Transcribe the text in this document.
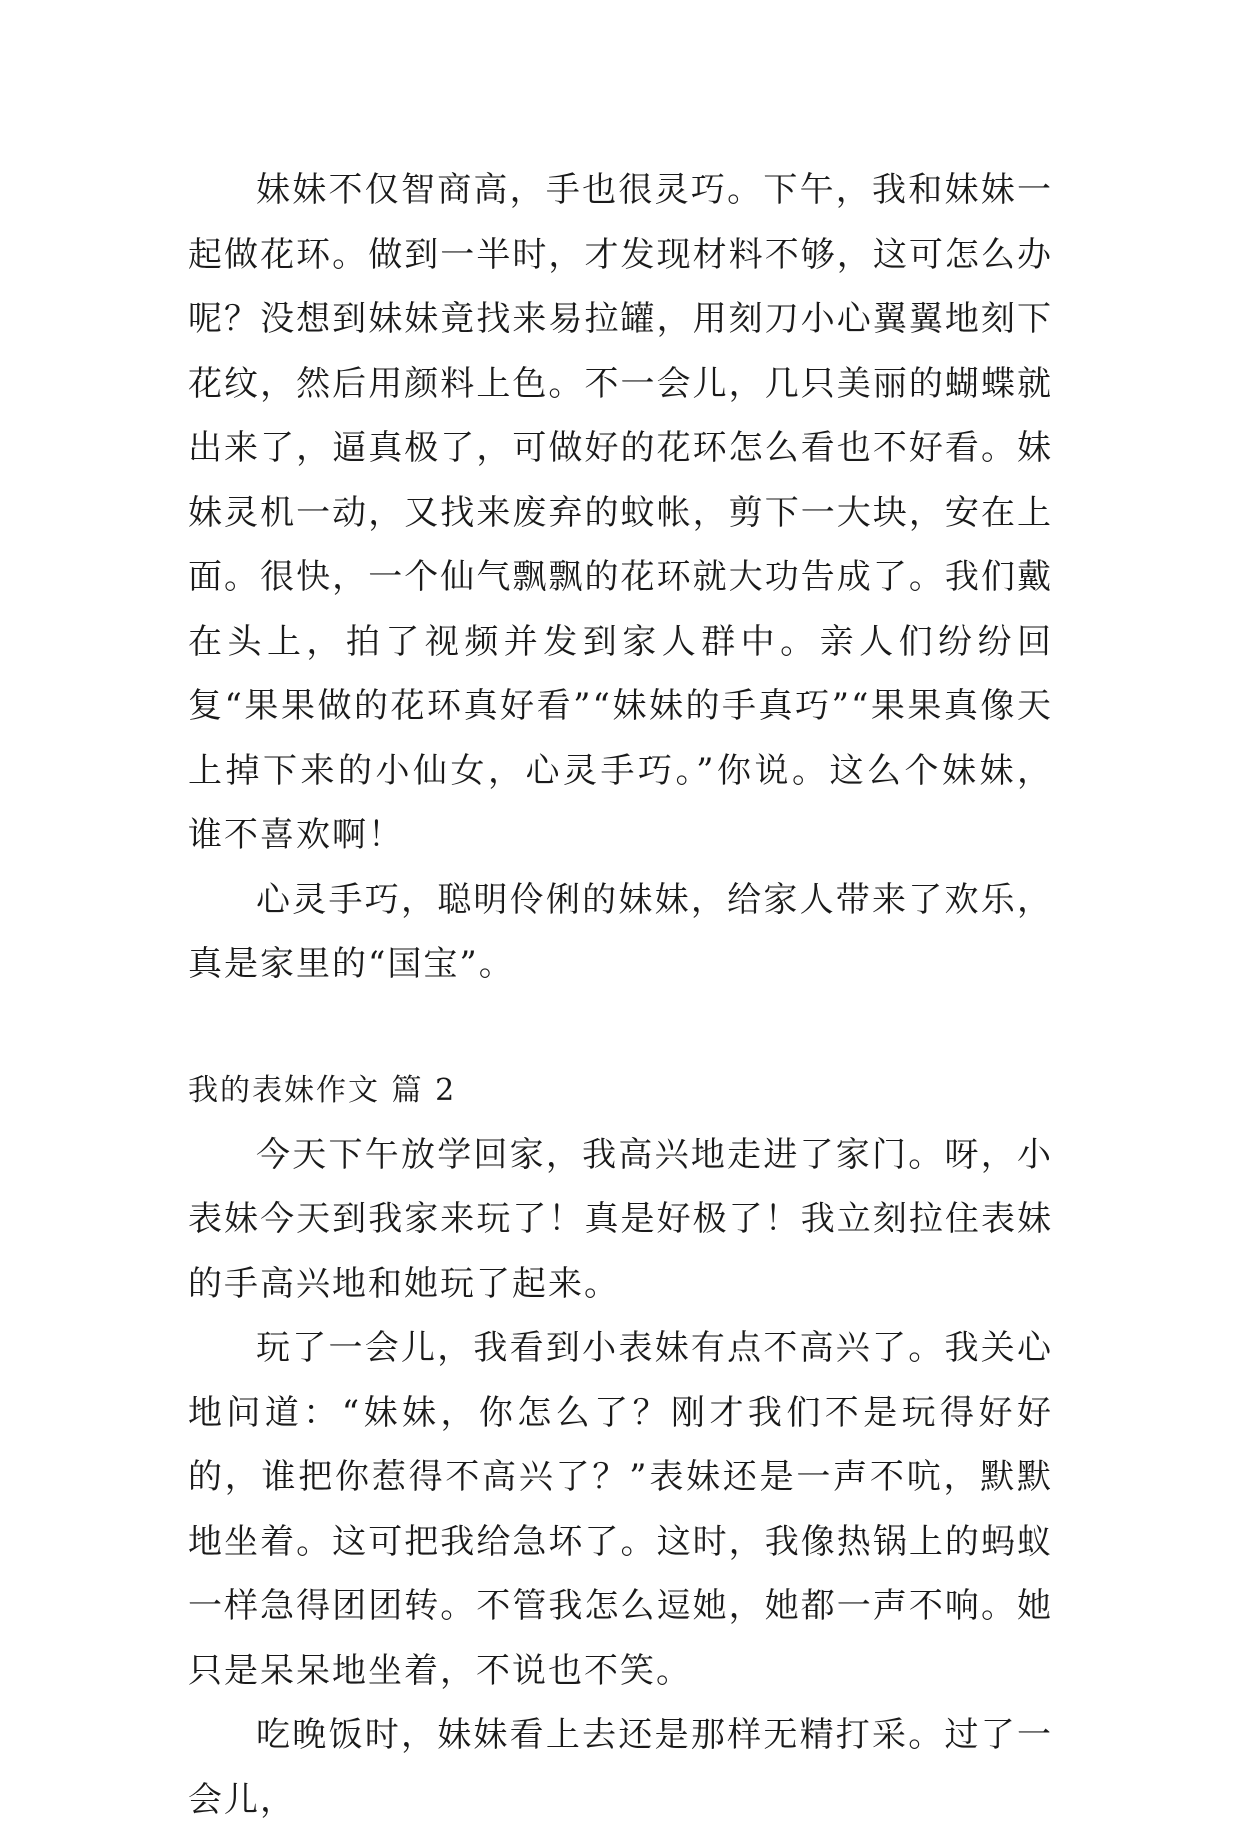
妹妹不仅智商高，手也很灵巧。下午，我和妹妹一起做花环。做到一半时，才发现材料不够，这可怎么办呢？没想到妹妹竟找来易拉罐，用刻刀小心翼翼地刻下花纹，然后用颜料上色。不一会儿，几只美丽的蝴蝶就出来了，逼真极了，可做好的花环怎么看也不好看。妹妹灵机一动，又找来废弃的蚊帐，剪下一大块，安在上面。很快，一个仙气飘飘的花环就大功告成了。我们戴在头上，拍了视频并发到家人群中。亲人们纷纷回复“果果做的花环真好看”“妹妹的手真巧”“果果真像天上掉下来的小仙女，心灵手巧。”你说。这么个妹妹，谁不喜欢啊！

心灵手巧，聪明伶俐的妹妹，给家人带来了欢乐，真是家里的“国宝”。

我的表妹作文 篇 2

今天下午放学回家，我高兴地走进了家门。呀，小表妹今天到我家来玩了！真是好极了！我立刻拉住表妹的手高兴地和她玩了起来。

玩了一会儿，我看到小表妹有点不高兴了。我关心地问道：“妹妹，你怎么了？刚才我们不是玩得好好的，谁把你惹得不高兴了？”表妹还是一声不吭，默默地坐着。这可把我给急坏了。这时，我像热锅上的蚂蚁一样急得团团转。不管我怎么逗她，她都一声不响。她只是呆呆地坐着，不说也不笑。

吃晚饭时，妹妹看上去还是那样无精打采。过了一会儿，
